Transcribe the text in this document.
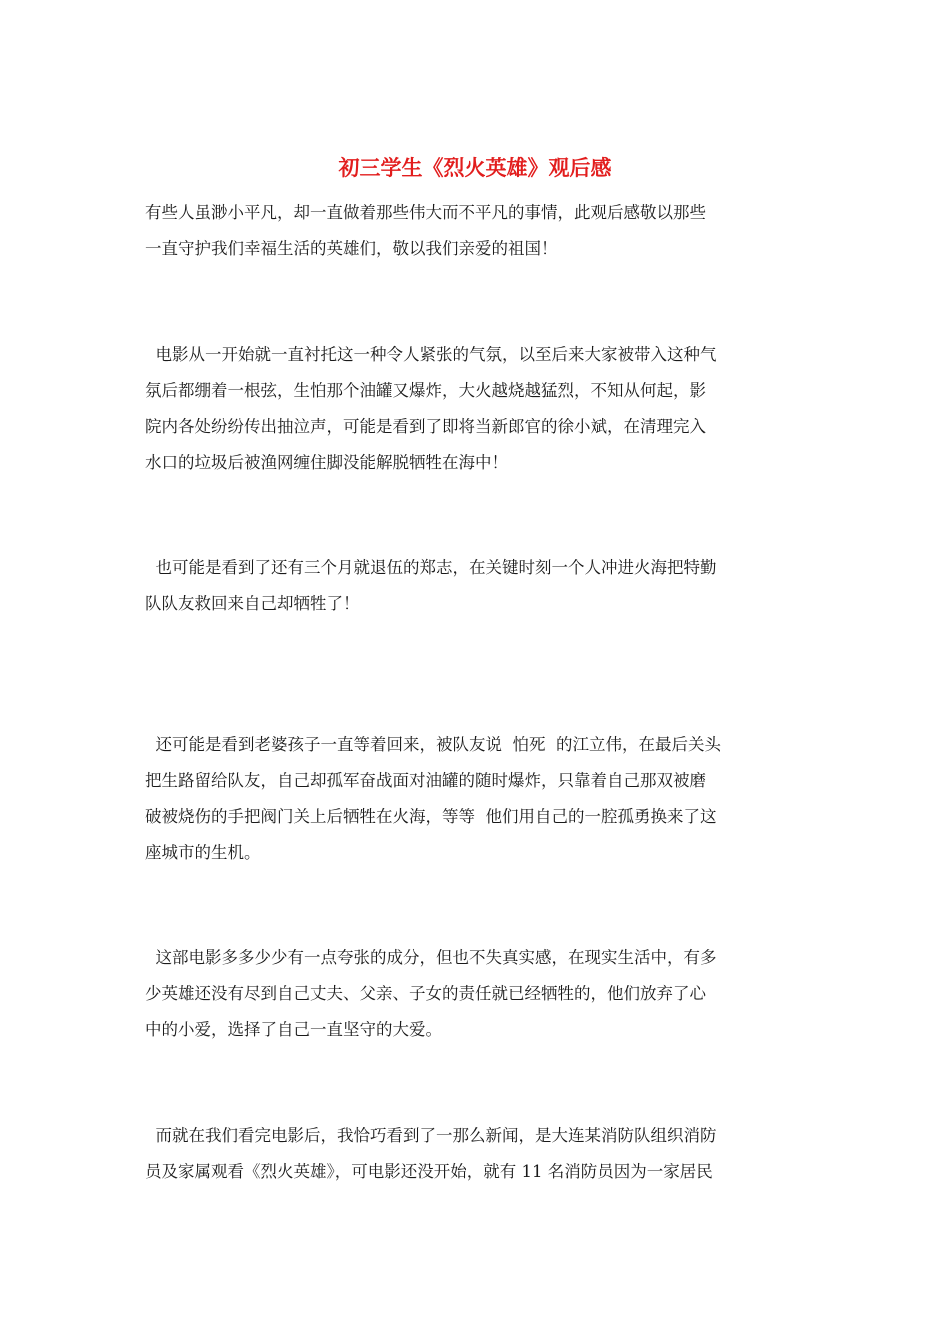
初三学生《烈火英雄》观后感
有些人虽渺小平凡，却一直做着那些伟大而不平凡的事情，此观后感敬以那些
一直守护我们幸福生活的英雄们，敬以我们亲爱的祖国！
电影从一开始就一直衬托这一种令人紧张的气氛，以至后来大家被带入这种气
氛后都绷着一根弦，生怕那个油罐又爆炸，大火越烧越猛烈，不知从何起，影
院内各处纷纷传出抽泣声，可能是看到了即将当新郎官的徐小斌，在清理完入
水口的垃圾后被渔网缠住脚没能解脱牺牲在海中！
也可能是看到了还有三个月就退伍的郑志，在关键时刻一个人冲进火海把特勤
队队友救回来自己却牺牲了！
还可能是看到老婆孩子一直等着回来，被队友说  怕死  的江立伟，在最后关头
把生路留给队友，自己却孤军奋战面对油罐的随时爆炸，只靠着自己那双被磨
破被烧伤的手把阀门关上后牺牲在火海，等等  他们用自己的一腔孤勇换来了这
座城市的生机。
这部电影多多少少有一点夸张的成分，但也不失真实感，在现实生活中，有多
少英雄还没有尽到自己丈夫、父亲、子女的责任就已经牺牲的，他们放弃了心
中的小爱，选择了自己一直坚守的大爱。
而就在我们看完电影后，我恰巧看到了一那么新闻，是大连某消防队组织消防
员及家属观看《烈火英雄》，可电影还没开始，就有 11 名消防员因为一家居民
